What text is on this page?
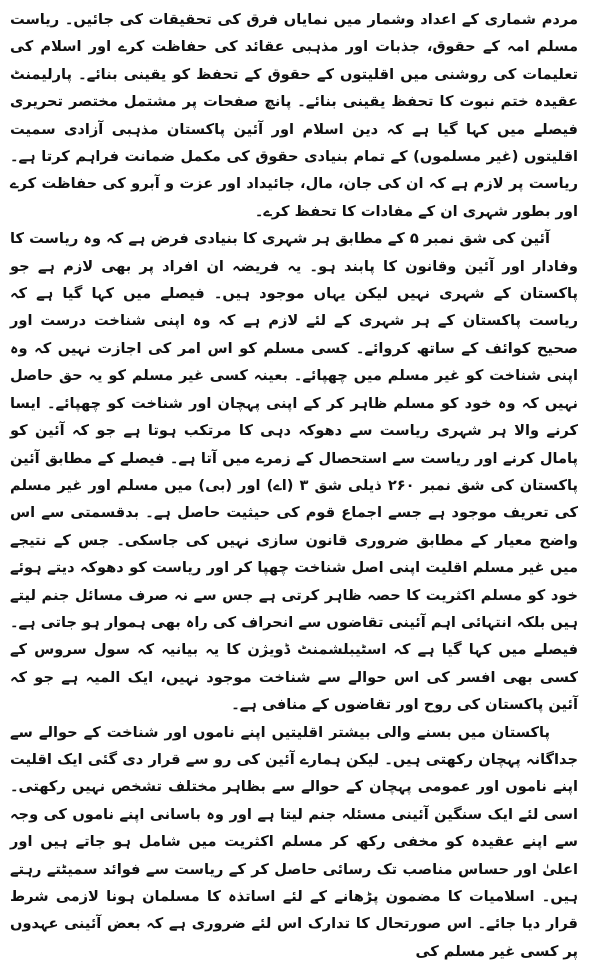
مردم شماری کے اعداد وشمار میں نمایاں فرق کی تحقیقات کی جائیں۔ ریاست مسلم امہ کے حقوق، جذبات اور مذہبی عقائد کی حفاظت کرے اور اسلام کی تعلیمات کی روشنی میں اقلیتوں کے حقوق کے تحفظ کو یقینی بنائے۔ پارلیمنٹ عقیدہ ختم نبوت کا تحفظ یقینی بنائے۔ پانچ صفحات پر مشتمل مختصر تحریری فیصلے میں کہا گیا ہے کہ دین اسلام اور آئین پاکستان مذہبی آزادی سمیت اقلیتوں (غیر مسلموں) کے تمام بنیادی حقوق کی مکمل ضمانت فراہم کرتا ہے۔ ریاست پر لازم ہے کہ ان کی جان، مال، جائیداد اور عزت و آبرو کی حفاظت کرے اور بطور شہری ان کے مفادات کا تحفظ کرے۔

آئین کی شق نمبر ۵ کے مطابق ہر شہری کا بنیادی فرض ہے کہ وہ ریاست کا وفادار اور آئین وقانون کا پابند ہو۔ یہ فریضہ ان افراد پر بھی لازم ہے جو پاکستان کے شہری نہیں لیکن یہاں موجود ہیں۔ فیصلے میں کہا گیا ہے کہ ریاست پاکستان کے ہر شہری کے لئے لازم ہے کہ وہ اپنی شناخت درست اور صحیح کوائف کے ساتھ کروائے۔ کسی مسلم کو اس امر کی اجازت نہیں کہ وہ اپنی شناخت کو غیر مسلم میں چھپائے۔ بعینہ کسی غیر مسلم کو یہ حق حاصل نہیں کہ وہ خود کو مسلم ظاہر کر کے اپنی پہچان اور شناخت کو چھپائے۔ ایسا کرنے والا ہر شہری ریاست سے دھوکہ دہی کا مرتکب ہوتا ہے جو کہ آئین کو پامال کرنے اور ریاست سے استحصال کے زمرے میں آتا ہے۔ فیصلے کے مطابق آئین پاکستان کی شق نمبر ۲۶۰ ذیلی شق ۳ (اے) اور (بی) میں مسلم اور غیر مسلم کی تعریف موجود ہے جسے اجماع قوم کی حیثیت حاصل ہے۔ بدقسمتی سے اس واضح معیار کے مطابق ضروری قانون سازی نہیں کی جاسکی۔ جس کے نتیجے میں غیر مسلم اقلیت اپنی اصل شناخت چھپا کر اور ریاست کو دھوکہ دیتے ہوئے خود کو مسلم اکثریت کا حصہ ظاہر کرتی ہے جس سے نہ صرف مسائل جنم لیتے ہیں بلکہ انتہائی اہم آئینی تقاضوں سے انحراف کی راہ بھی ہموار ہو جاتی ہے۔ فیصلے میں کہا گیا ہے کہ اسٹیبلشمنٹ ڈویژن کا یہ بیانیہ کہ سول سروس کے کسی بھی افسر کی اس حوالے سے شناخت موجود نہیں، ایک المیہ ہے جو کہ آئین پاکستان کی روح اور تقاضوں کے منافی ہے۔

پاکستان میں بسنے والی بیشتر اقلیتیں اپنے ناموں اور شناخت کے حوالے سے جداگانہ پہچان رکھتی ہیں۔ لیکن ہمارے آئین کی رو سے قرار دی گئی ایک اقلیت اپنے ناموں اور عمومی پہچان کے حوالے سے بظاہر مختلف تشخص نہیں رکھتی۔ اسی لئے ایک سنگین آئینی مسئلہ جنم لیتا ہے اور وہ باسانی اپنے ناموں کی وجہ سے اپنے عقیدہ کو مخفی رکھ کر مسلم اکثریت میں شامل ہو جاتے ہیں اور اعلیٰ اور حساس مناصب تک رسائی حاصل کر کے ریاست سے فوائد سمیٹتے رہتے ہیں۔ اسلامیات کا مضمون پڑھانے کے لئے اساتذہ کا مسلمان ہونا لازمی شرط قرار دیا جائے۔ اس صورتحال کا تدارک اس لئے ضروری ہے کہ بعض آئینی عہدوں پر کسی غیر مسلم کی
